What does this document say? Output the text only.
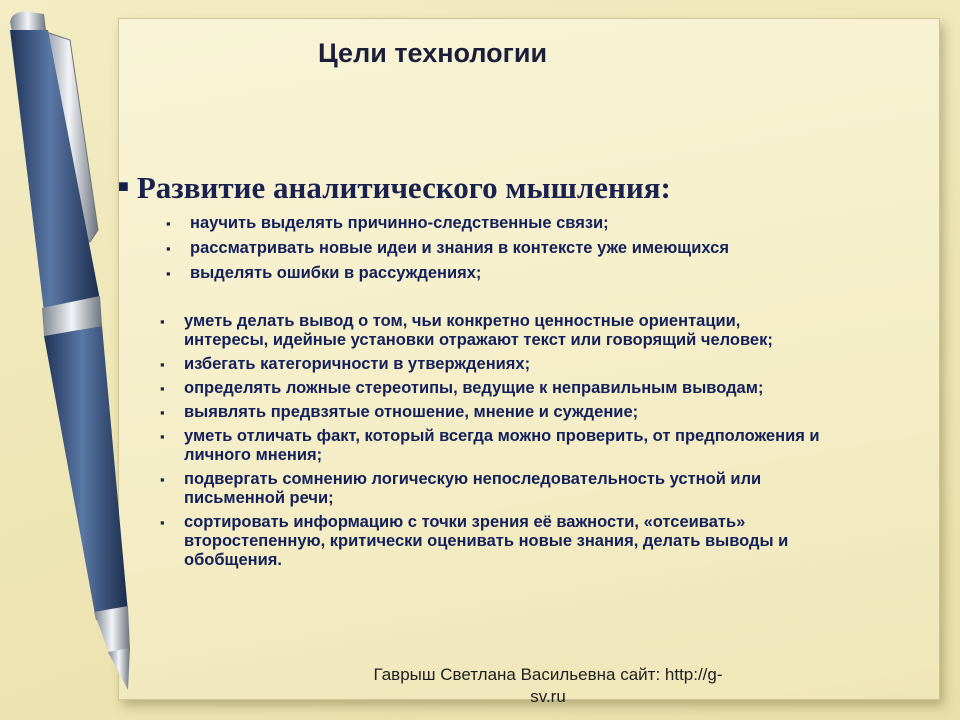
Цели технологии
■ Развитие аналитического мышления:
▪ научить выделять причинно-следственные связи;
▪ рассматривать новые идеи и знания в контексте уже имеющихся
▪ выделять ошибки в рассуждениях;
▪ уметь делать вывод о том, чьи конкретно ценностные ориентации, интересы, идейные установки отражают текст или говорящий человек;
▪ избегать категоричности в утверждениях;
▪ определять ложные стереотипы, ведущие к неправильным выводам;
▪ выявлять предвзятые отношение, мнение и суждение;
▪ уметь отличать факт, который всегда можно проверить, от предположения и личного мнения;
▪ подвергать сомнению логическую непоследовательность устной или письменной речи;
▪ сортировать информацию с точки зрения её важности, «отсеивать» второстепенную, критически оценивать новые знания, делать выводы и обобщения.
Гаврыш Светлана Васильевна сайт: http://g-
sv.ru
